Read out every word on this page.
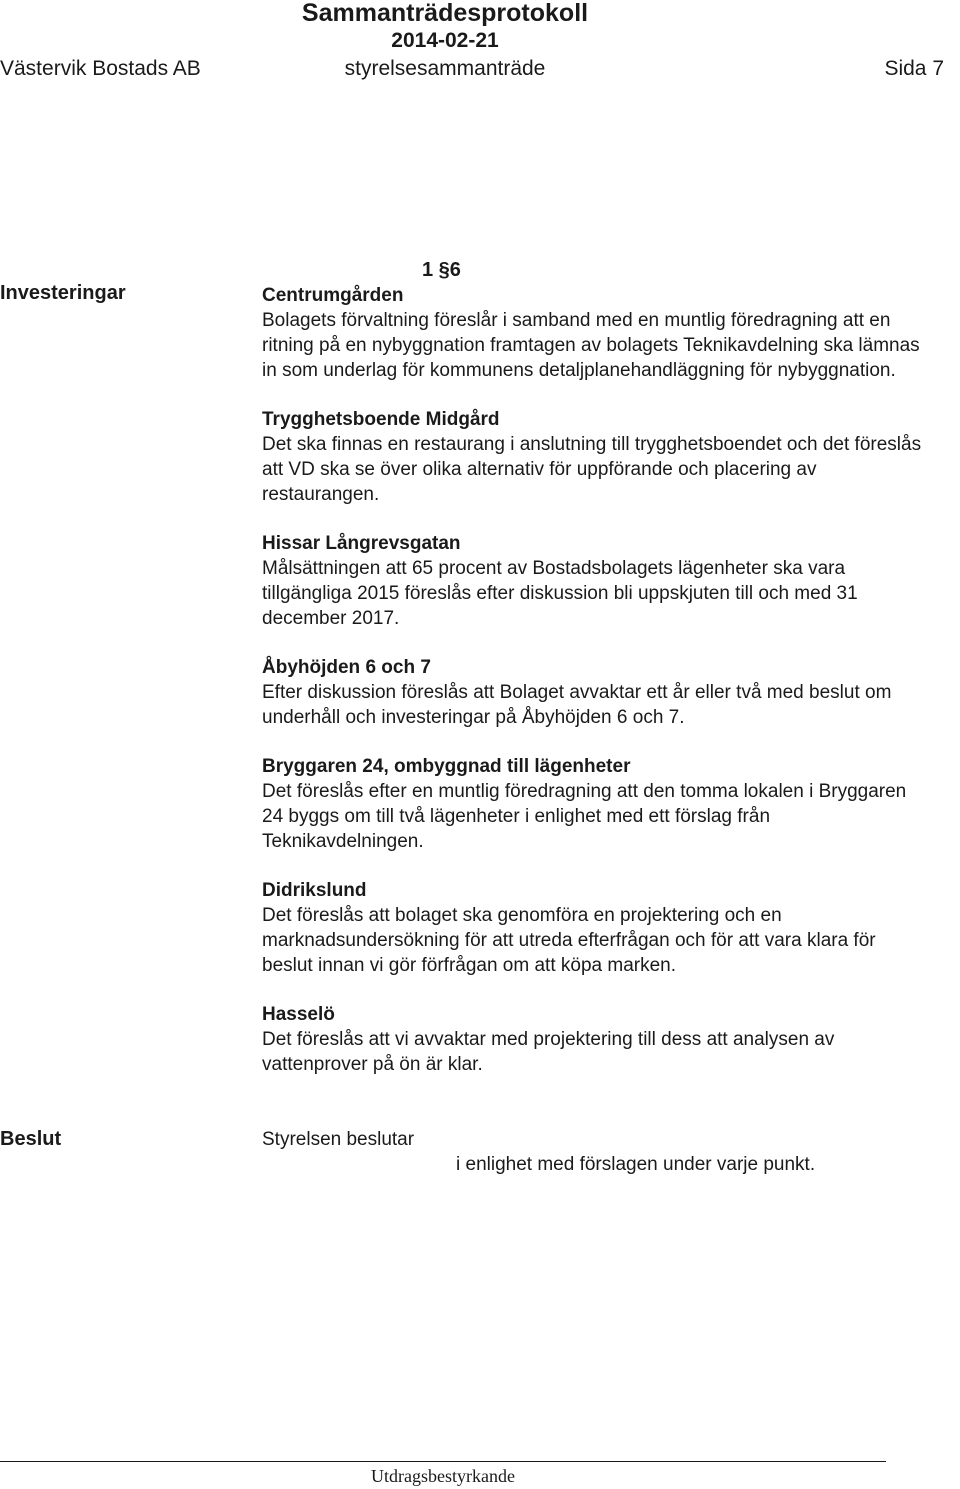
Sammanträdesprotokoll
2014-02-21
Västervik Bostads AB	styrelsesammanträde	Sida 7
1 §6
Investeringar	Centrumgården

Bolagets förvaltning föreslår i samband med en muntlig föredragning att en ritning på en nybyggnation framtagen av bolagets Teknikavdelning ska lämnas in som underlag för kommunens detaljplanehandläggning för nybyggnation.

Trygghetsboende Midgård

Det ska finnas en restaurang i anslutning till trygghetsboendet och det föreslås att VD ska se över olika alternativ för uppförande och placering av restaurangen.

Hissar Långrevsgatan

Målsättningen att 65 procent av Bostadsbolagets lägenheter ska vara tillgängliga 2015 föreslås efter diskussion bli uppskjuten till och med 31 december 2017.

Åbyhöjden 6 och 7

Efter diskussion föreslås att Bolaget avvaktar ett år eller två med beslut om underhåll och investeringar på Åbyhöjden 6 och 7.

Bryggaren 24, ombyggnad till lägenheter

Det föreslås efter en muntlig föredragning att den tomma lokalen i Bryggaren 24 byggs om till två lägenheter i enlighet med ett förslag från Teknikavdelningen.

Didrikslund

Det föreslås att bolaget ska genomföra en projektering och en marknadsundersökning för att utreda efterfrågan och för att vara klara för beslut innan vi gör förfrågan om att köpa marken.

Hasselö

Det föreslås att vi avvaktar med projektering till dess att analysen av vattenprover på ön är klar.

Beslut	Styrelsen beslutar
i enlighet med förslagen under varje punkt.
Utdragsbestyrkande
